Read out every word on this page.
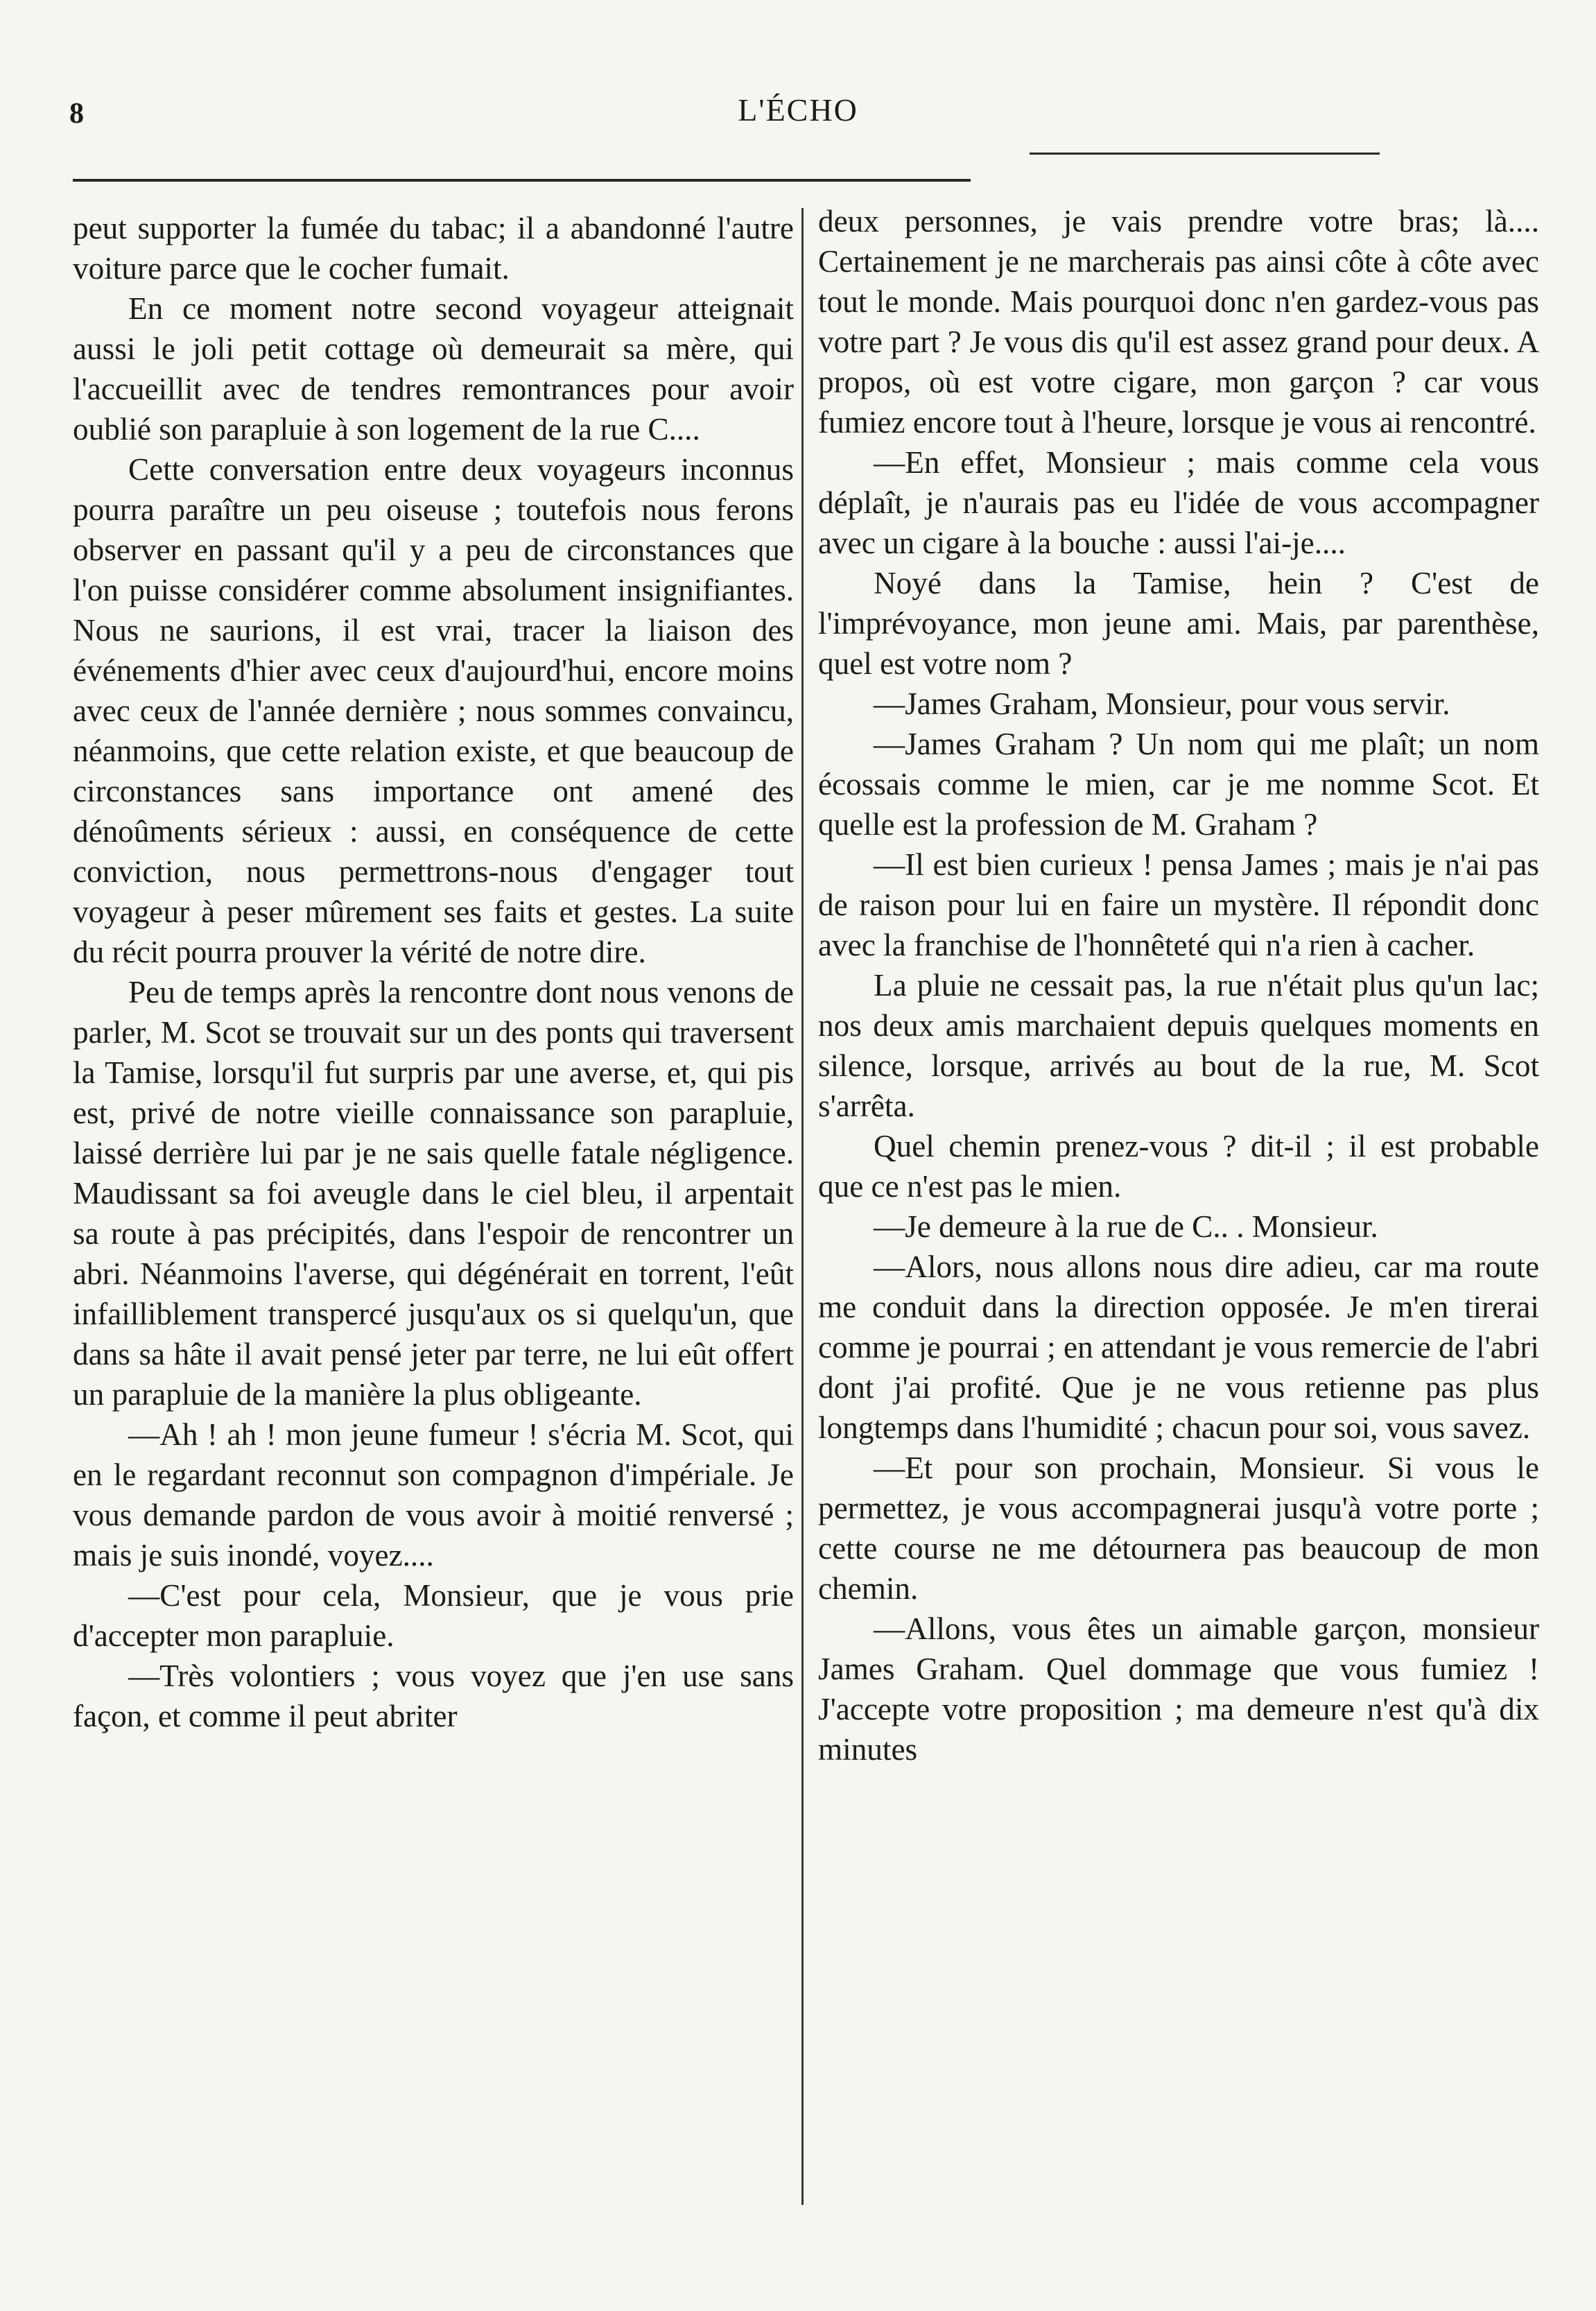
8	L'ÉCHO

peut supporter la fumée du tabac; il a abandonné l'autre voiture parce que le cocher fumait.

En ce moment notre second voyageur atteignait aussi le joli petit cottage où demeurait sa mère, qui l'accueillit avec de tendres remontrances pour avoir oublié son parapluie à son logement de la rue C....

Cette conversation entre deux voyageurs inconnus pourra paraître un peu oiseuse ; toutefois nous ferons observer en passant qu'il y a peu de circonstances que l'on puisse considérer comme absolument insignifiantes. Nous ne saurions, il est vrai, tracer la liaison des événements d'hier avec ceux d'aujourd'hui, encore moins avec ceux de l'année dernière ; nous sommes convaincu, néanmoins, que cette relation existe, et que beaucoup de circonstances sans importance ont amené des dénoûments sérieux : aussi, en conséquence de cette conviction, nous permettrons-nous d'engager tout voyageur à peser mûrement ses faits et gestes. La suite du récit pourra prouver la vérité de notre dire.

Peu de temps après la rencontre dont nous venons de parler, M. Scot se trouvait sur un des ponts qui traversent la Tamise, lorsqu'il fut surpris par une averse, et, qui pis est, privé de notre vieille connaissance son parapluie, laissé derrière lui par je ne sais quelle fatale négligence. Maudissant sa foi aveugle dans le ciel bleu, il arpentait sa route à pas précipités, dans l'espoir de rencontrer un abri. Néanmoins l'averse, qui dégénérait en torrent, l'eût infailliblement transpercé jusqu'aux os si quelqu'un, que dans sa hâte il avait pensé jeter par terre, ne lui eût offert un parapluie de la manière la plus obligeante.

—Ah ! ah ! mon jeune fumeur ! s'écria M. Scot, qui en le regardant reconnut son compagnon d'impériale. Je vous demande pardon de vous avoir à moitié renversé ; mais je suis inondé, voyez....

—C'est pour cela, Monsieur, que je vous prie d'accepter mon parapluie.

—Très volontiers ; vous voyez que j'en use sans façon, et comme il peut abriter

deux personnes, je vais prendre votre bras; là.... Certainement je ne marcherais pas ainsi côte à côte avec tout le monde. Mais pourquoi donc n'en gardez-vous pas votre part ? Je vous dis qu'il est assez grand pour deux. A propos, où est votre cigare, mon garçon ? car vous fumiez encore tout à l'heure, lorsque je vous ai rencontré.

—En effet, Monsieur ; mais comme cela vous déplaît, je n'aurais pas eu l'idée de vous accompagner avec un cigare à la bouche : aussi l'ai-je....

Noyé dans la Tamise, hein ? C'est de l'imprévoyance, mon jeune ami. Mais, par parenthèse, quel est votre nom ?

—James Graham, Monsieur, pour vous servir.

—James Graham ? Un nom qui me plaît; un nom écossais comme le mien, car je me nomme Scot. Et quelle est la profession de M. Graham ?

—Il est bien curieux ! pensa James ; mais je n'ai pas de raison pour lui en faire un mystère. Il répondit donc avec la franchise de l'honnêteté qui n'a rien à cacher.

La pluie ne cessait pas, la rue n'était plus qu'un lac; nos deux amis marchaient depuis quelques moments en silence, lorsque, arrivés au bout de la rue, M. Scot s'arrêta.

Quel chemin prenez-vous ? dit-il ; il est probable que ce n'est pas le mien.

—Je demeure à la rue de C.. . Monsieur.

—Alors, nous allons nous dire adieu, car ma route me conduit dans la direction opposée. Je m'en tirerai comme je pourrai ; en attendant je vous remercie de l'abri dont j'ai profité. Que je ne vous retienne pas plus longtemps dans l'humidité ; chacun pour soi, vous savez.

—Et pour son prochain, Monsieur. Si vous le permettez, je vous accompagnerai jusqu'à votre porte ; cette course ne me détournera pas beaucoup de mon chemin.

—Allons, vous êtes un aimable garçon, monsieur James Graham. Quel dommage que vous fumiez ! J'accepte votre proposition ; ma demeure n'est qu'à dix minutes
